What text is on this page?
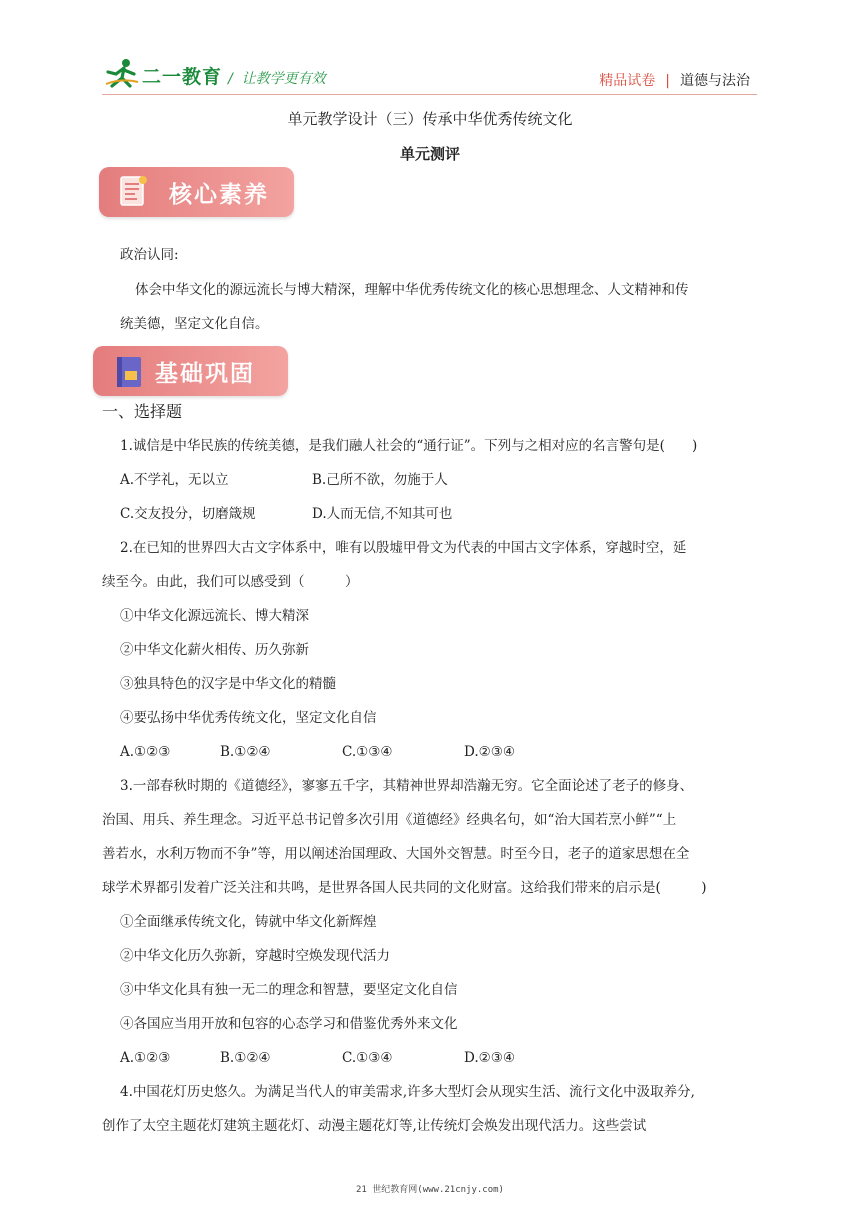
二一教育 /  让教学更有效	精品试卷 | 道德与法治
单元教学设计（三）传承中华优秀传统文化
单元测评
核心素养
政治认同:
体会中华文化的源远流长与博大精深，理解中华优秀传统文化的核心思想理念、人文精神和传
统美德，坚定文化自信。
基础巩固
一、选择题
1.诚信是中华民族的传统美德，是我们融人社会的“通行证”。下列与之相对应的名言警句是(　　)
A.不学礼，无以立	B.己所不欲，勿施于人
C.交友投分，切磨箴规	D.人而无信,不知其可也
2.在已知的世界四大古文字体系中，唯有以殷墟甲骨文为代表的中国古文字体系，穿越时空，延
续至今。由此，我们可以感受到（　　　）
①中华文化源远流长、博大精深
②中华文化薪火相传、历久弥新
③独具特色的汉字是中华文化的精髓
④要弘扬中华优秀传统文化，坚定文化自信
A.①②③	B.①②④	C.①③④	D.②③④
3.一部春秋时期的《道德经》，寥寥五千字，其精神世界却浩瀚无穷。它全面论述了老子的修身、
治国、用兵、养生理念。习近平总书记曾多次引用《道德经》经典名句，如“治大国若烹小鲜”“上
善若水，水利万物而不争”等，用以阐述治国理政、大国外交智慧。时至今日，老子的道家思想在全
球学术界都引发着广泛关注和共鸣，是世界各国人民共同的文化财富。这给我们带来的启示是(　　　)
①全面继承传统文化，铸就中华文化新辉煌
②中华文化历久弥新，穿越时空焕发现代活力
③中华文化具有独一无二的理念和智慧，要坚定文化自信
④各国应当用开放和包容的心态学习和借鉴优秀外来文化
A.①②③	B.①②④	C.①③④	D.②③④
4.中国花灯历史悠久。为满足当代人的审美需求,许多大型灯会从现实生活、流行文化中汲取养分,
创作了太空主题花灯建筑主题花灯、动漫主题花灯等,让传统灯会焕发出现代活力。这些尝试
21 世纪教育网(www.21cnjy.com)
